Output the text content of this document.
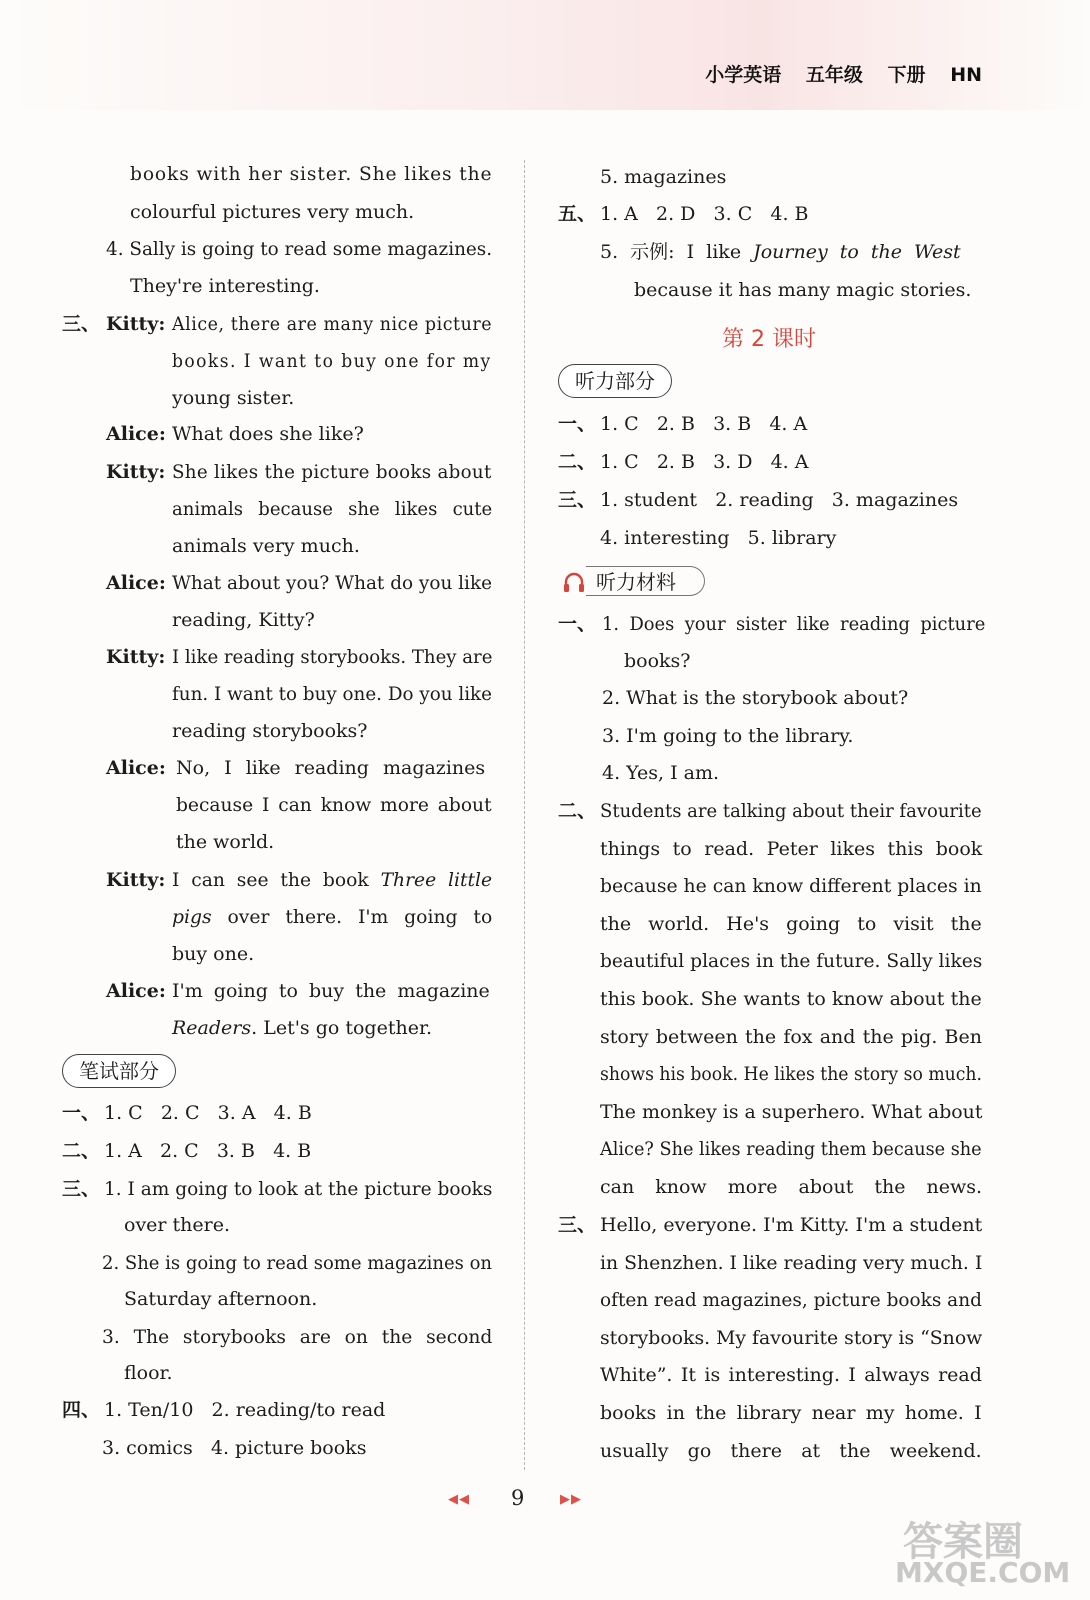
小学英语 五年级 下册 HN
books with her sister. She likes the
colourful pictures very much.
4. Sally is going to read some magazines.
They're interesting.
三、 Kitty: Alice, there are many nice picture
books. I want to buy one for my
young sister.
Alice: What does she like?
Kitty: She likes the picture books about
animals because she likes cute
animals very much.
Alice: What about you? What do you like
reading, Kitty?
Kitty: I like reading storybooks. They are
fun. I want to buy one. Do you like
reading storybooks?
Alice: No, I like reading magazines
because I can know more about
the world.
Kitty: I can see the book Three little
pigs over there. I'm going to
buy one.
Alice: I'm going to buy the magazine
Readers. Let's go together.
笔试部分
一、 1. C   2. C   3. A   4. B
二、 1. A   2. C   3. B   4. B
三、 1. I am going to look at the picture books
over there.
2. She is going to read some magazines on
Saturday afternoon.
3. The storybooks are on the second
floor.
四、 1. Ten/10   2. reading/to read
3. comics   4. picture books
5. magazines
五、 1. A   2. D   3. C   4. B
5. 示例: I like Journey to the West
because it has many magic stories.
第 2 课时
听力部分
一、 1. C   2. B   3. B   4. A
二、 1. C   2. B   3. D   4. A
三、 1. student   2. reading   3. magazines
4. interesting   5. library
听力材料
一、 1. Does your sister like reading picture
books?
2. What is the storybook about?
3. I'm going to the library.
4. Yes, I am.
二、 Students are talking about their favourite
things to read. Peter likes this book
because he can know different places in
the world. He's going to visit the
beautiful places in the future. Sally likes
this book. She wants to know about the
story between the fox and the pig. Ben
shows his book. He likes the story so much.
The monkey is a superhero. What about
Alice? She likes reading them because she
can know more about the news.
三、 Hello, everyone. I'm Kitty. I'm a student
in Shenzhen. I like reading very much. I
often read magazines, picture books and
storybooks. My favourite story is “Snow
White”. It is interesting. I always read
books in the library near my home. I
usually go there at the weekend.
◀◀ 9	▶▶
答案圈
MXQE.COM
